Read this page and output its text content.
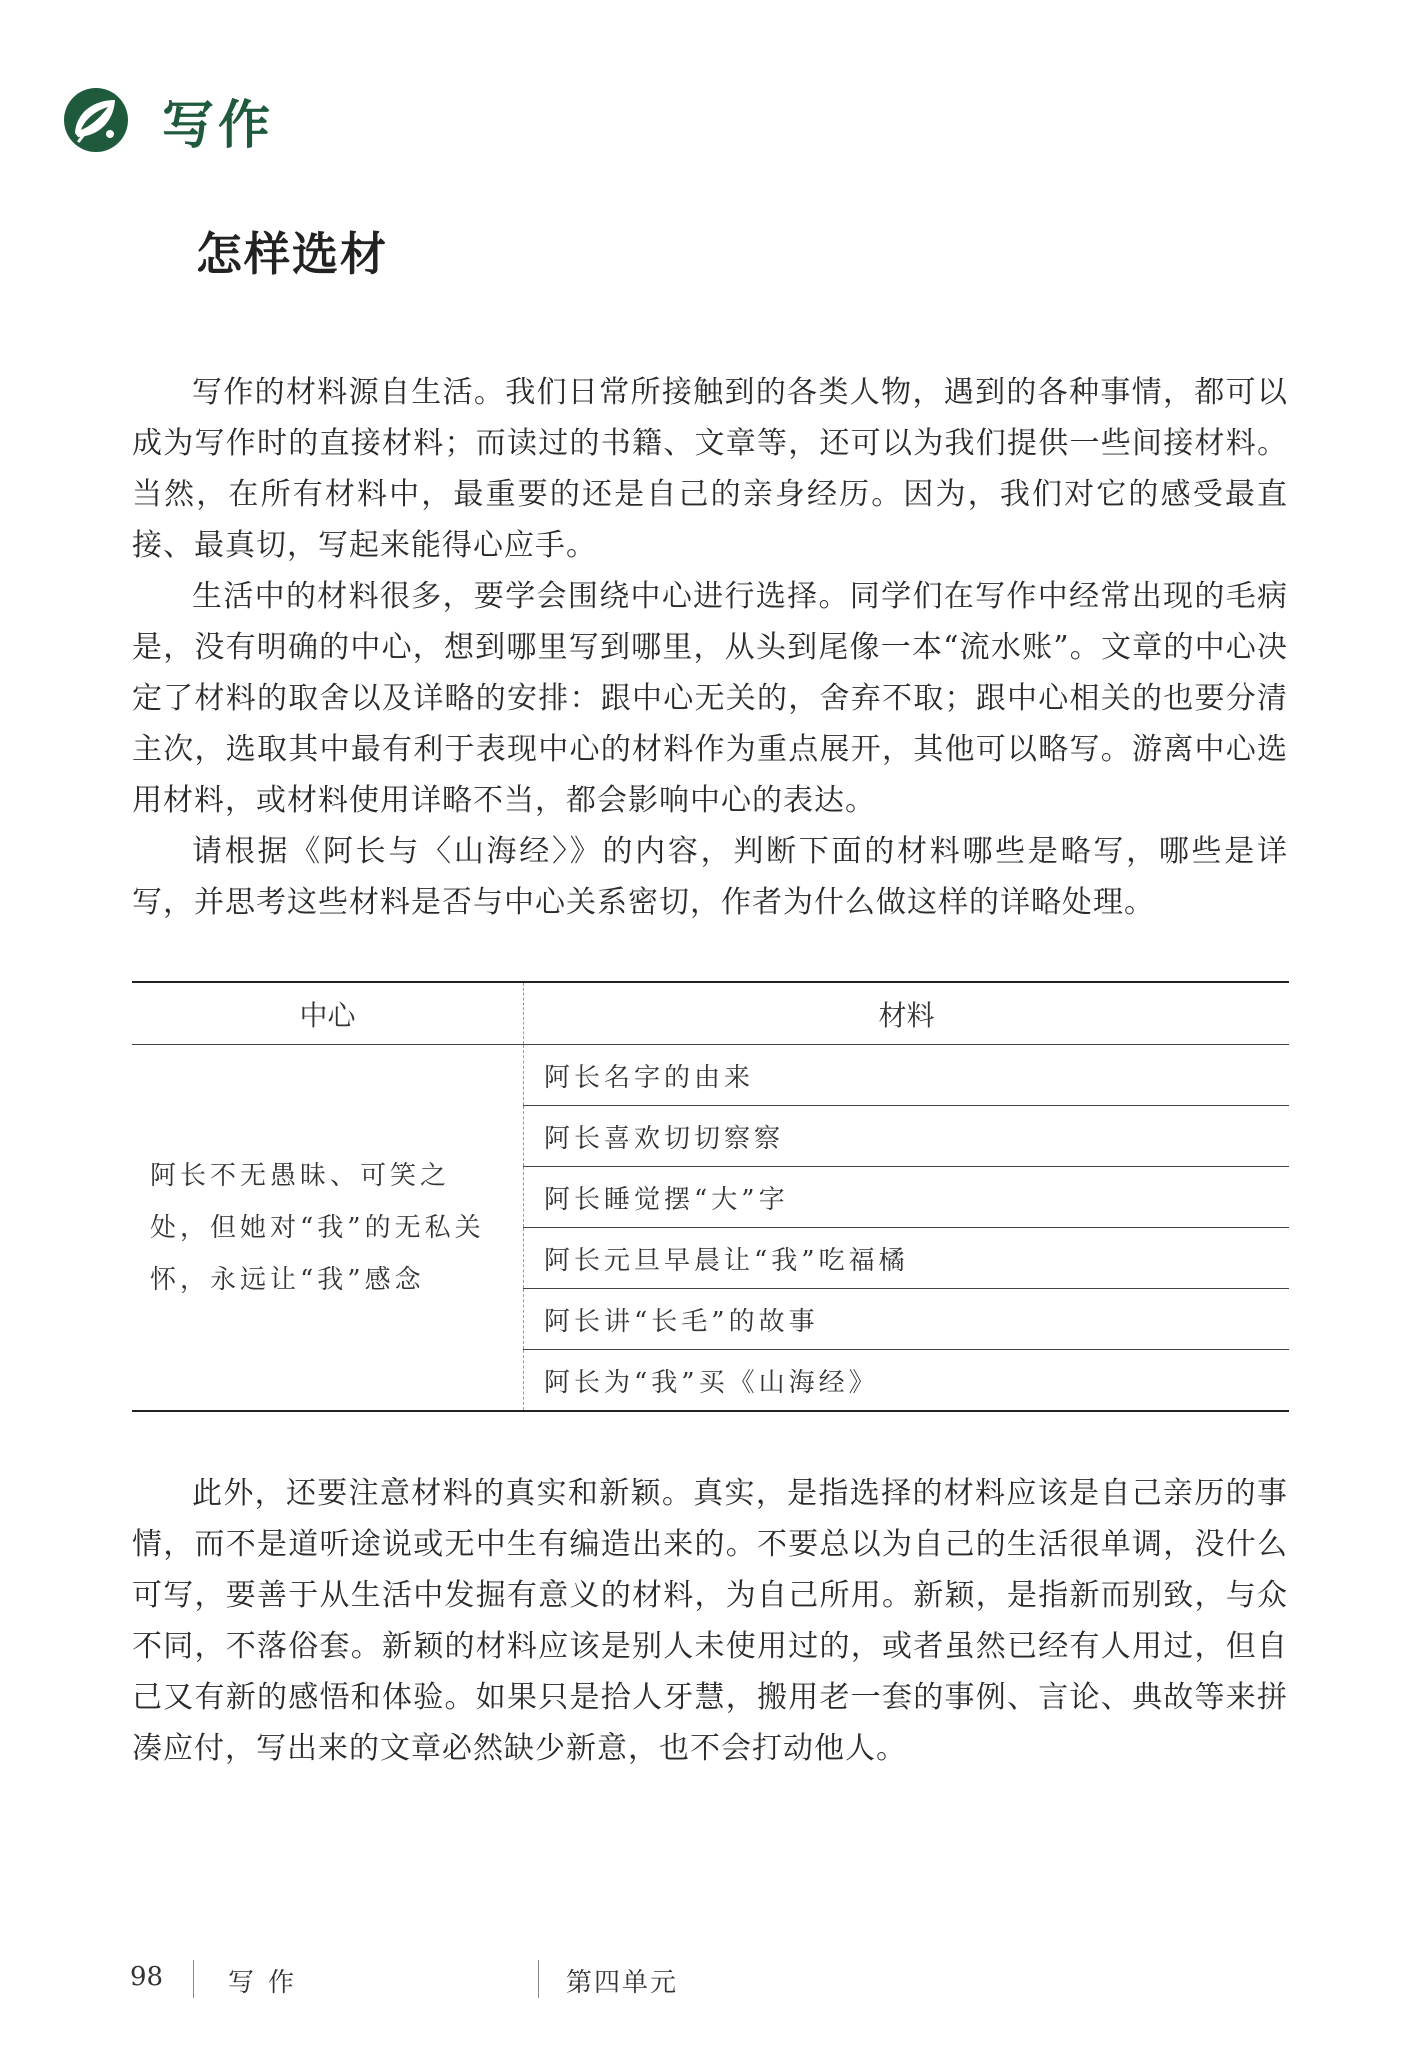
写作
怎样选材

写作的材料源自生活。我们日常所接触到的各类人物，遇到的各种事情，都可以成为写作时的直接材料；而读过的书籍、文章等，还可以为我们提供一些间接材料。当然，在所有材料中，最重要的还是自己的亲身经历。因为，我们对它的感受最直接、最真切，写起来能得心应手。

生活中的材料很多，要学会围绕中心进行选择。同学们在写作中经常出现的毛病是，没有明确的中心，想到哪里写到哪里，从头到尾像一本“流水账”。文章的中心决定了材料的取舍以及详略的安排：跟中心无关的，舍弃不取；跟中心相关的也要分清主次，选取其中最有利于表现中心的材料作为重点展开，其他可以略写。游离中心选用材料，或材料使用详略不当，都会影响中心的表达。

请根据《阿长与〈山海经〉》的内容，判断下面的材料哪些是略写，哪些是详写，并思考这些材料是否与中心关系密切，作者为什么做这样的详略处理。

中心	材料
阿长不无愚昧、可笑之处，但她对“我”的无私关怀，永远让“我”感念	阿长名字的由来
	阿长喜欢切切察察
	阿长睡觉摆“大”字
	阿长元旦早晨让“我”吃福橘
	阿长讲“长毛”的故事
	阿长为“我”买《山海经》

此外，还要注意材料的真实和新颖。真实，是指选择的材料应该是自己亲历的事情，而不是道听途说或无中生有编造出来的。不要总以为自己的生活很单调，没什么可写，要善于从生活中发掘有意义的材料，为自己所用。新颖，是指新而别致，与众不同，不落俗套。新颖的材料应该是别人未使用过的，或者虽然已经有人用过，但自己又有新的感悟和体验。如果只是拾人牙慧，搬用老一套的事例、言论、典故等来拼凑应付，写出来的文章必然缺少新意，也不会打动他人。

98 写作	第四单元
